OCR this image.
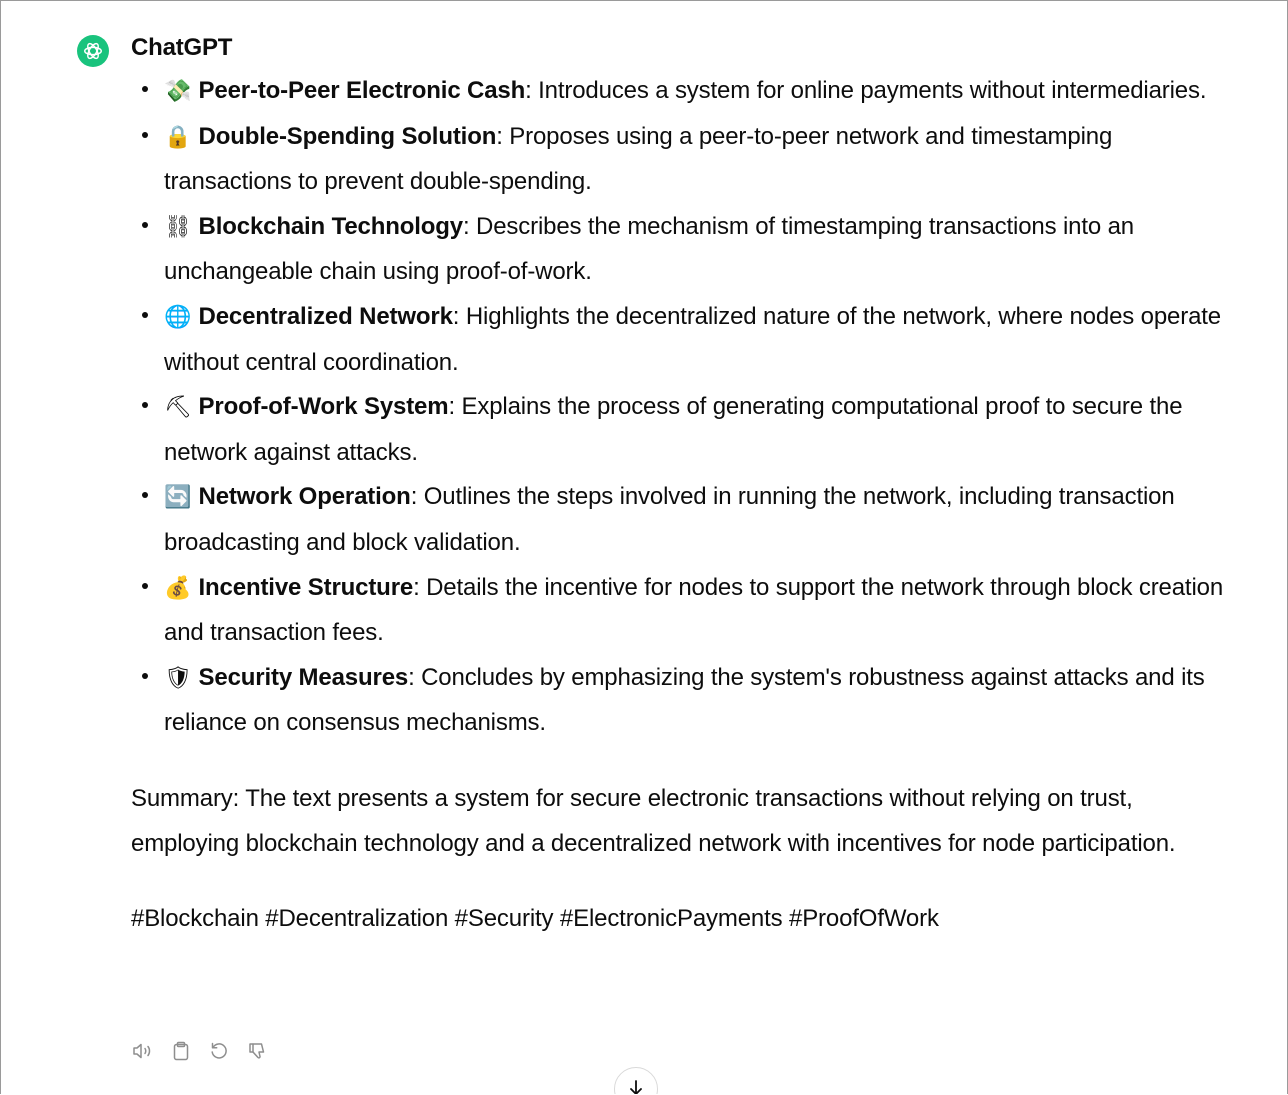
ChatGPT
💸 Peer-to-Peer Electronic Cash: Introduces a system for online payments without intermediaries.
🔒 Double-Spending Solution: Proposes using a peer-to-peer network and timestamping transactions to prevent double-spending.
⛓ Blockchain Technology: Describes the mechanism of timestamping transactions into an unchangeable chain using proof-of-work.
🌐 Decentralized Network: Highlights the decentralized nature of the network, where nodes operate without central coordination.
⛏ Proof-of-Work System: Explains the process of generating computational proof to secure the network against attacks.
🔄 Network Operation: Outlines the steps involved in running the network, including transaction broadcasting and block validation.
💰 Incentive Structure: Details the incentive for nodes to support the network through block creation and transaction fees.
🛡 Security Measures: Concludes by emphasizing the system's robustness against attacks and its reliance on consensus mechanisms.
Summary: The text presents a system for secure electronic transactions without relying on trust, employing blockchain technology and a decentralized network with incentives for node participation.
#Blockchain #Decentralization #Security #ElectronicPayments #ProofOfWork
